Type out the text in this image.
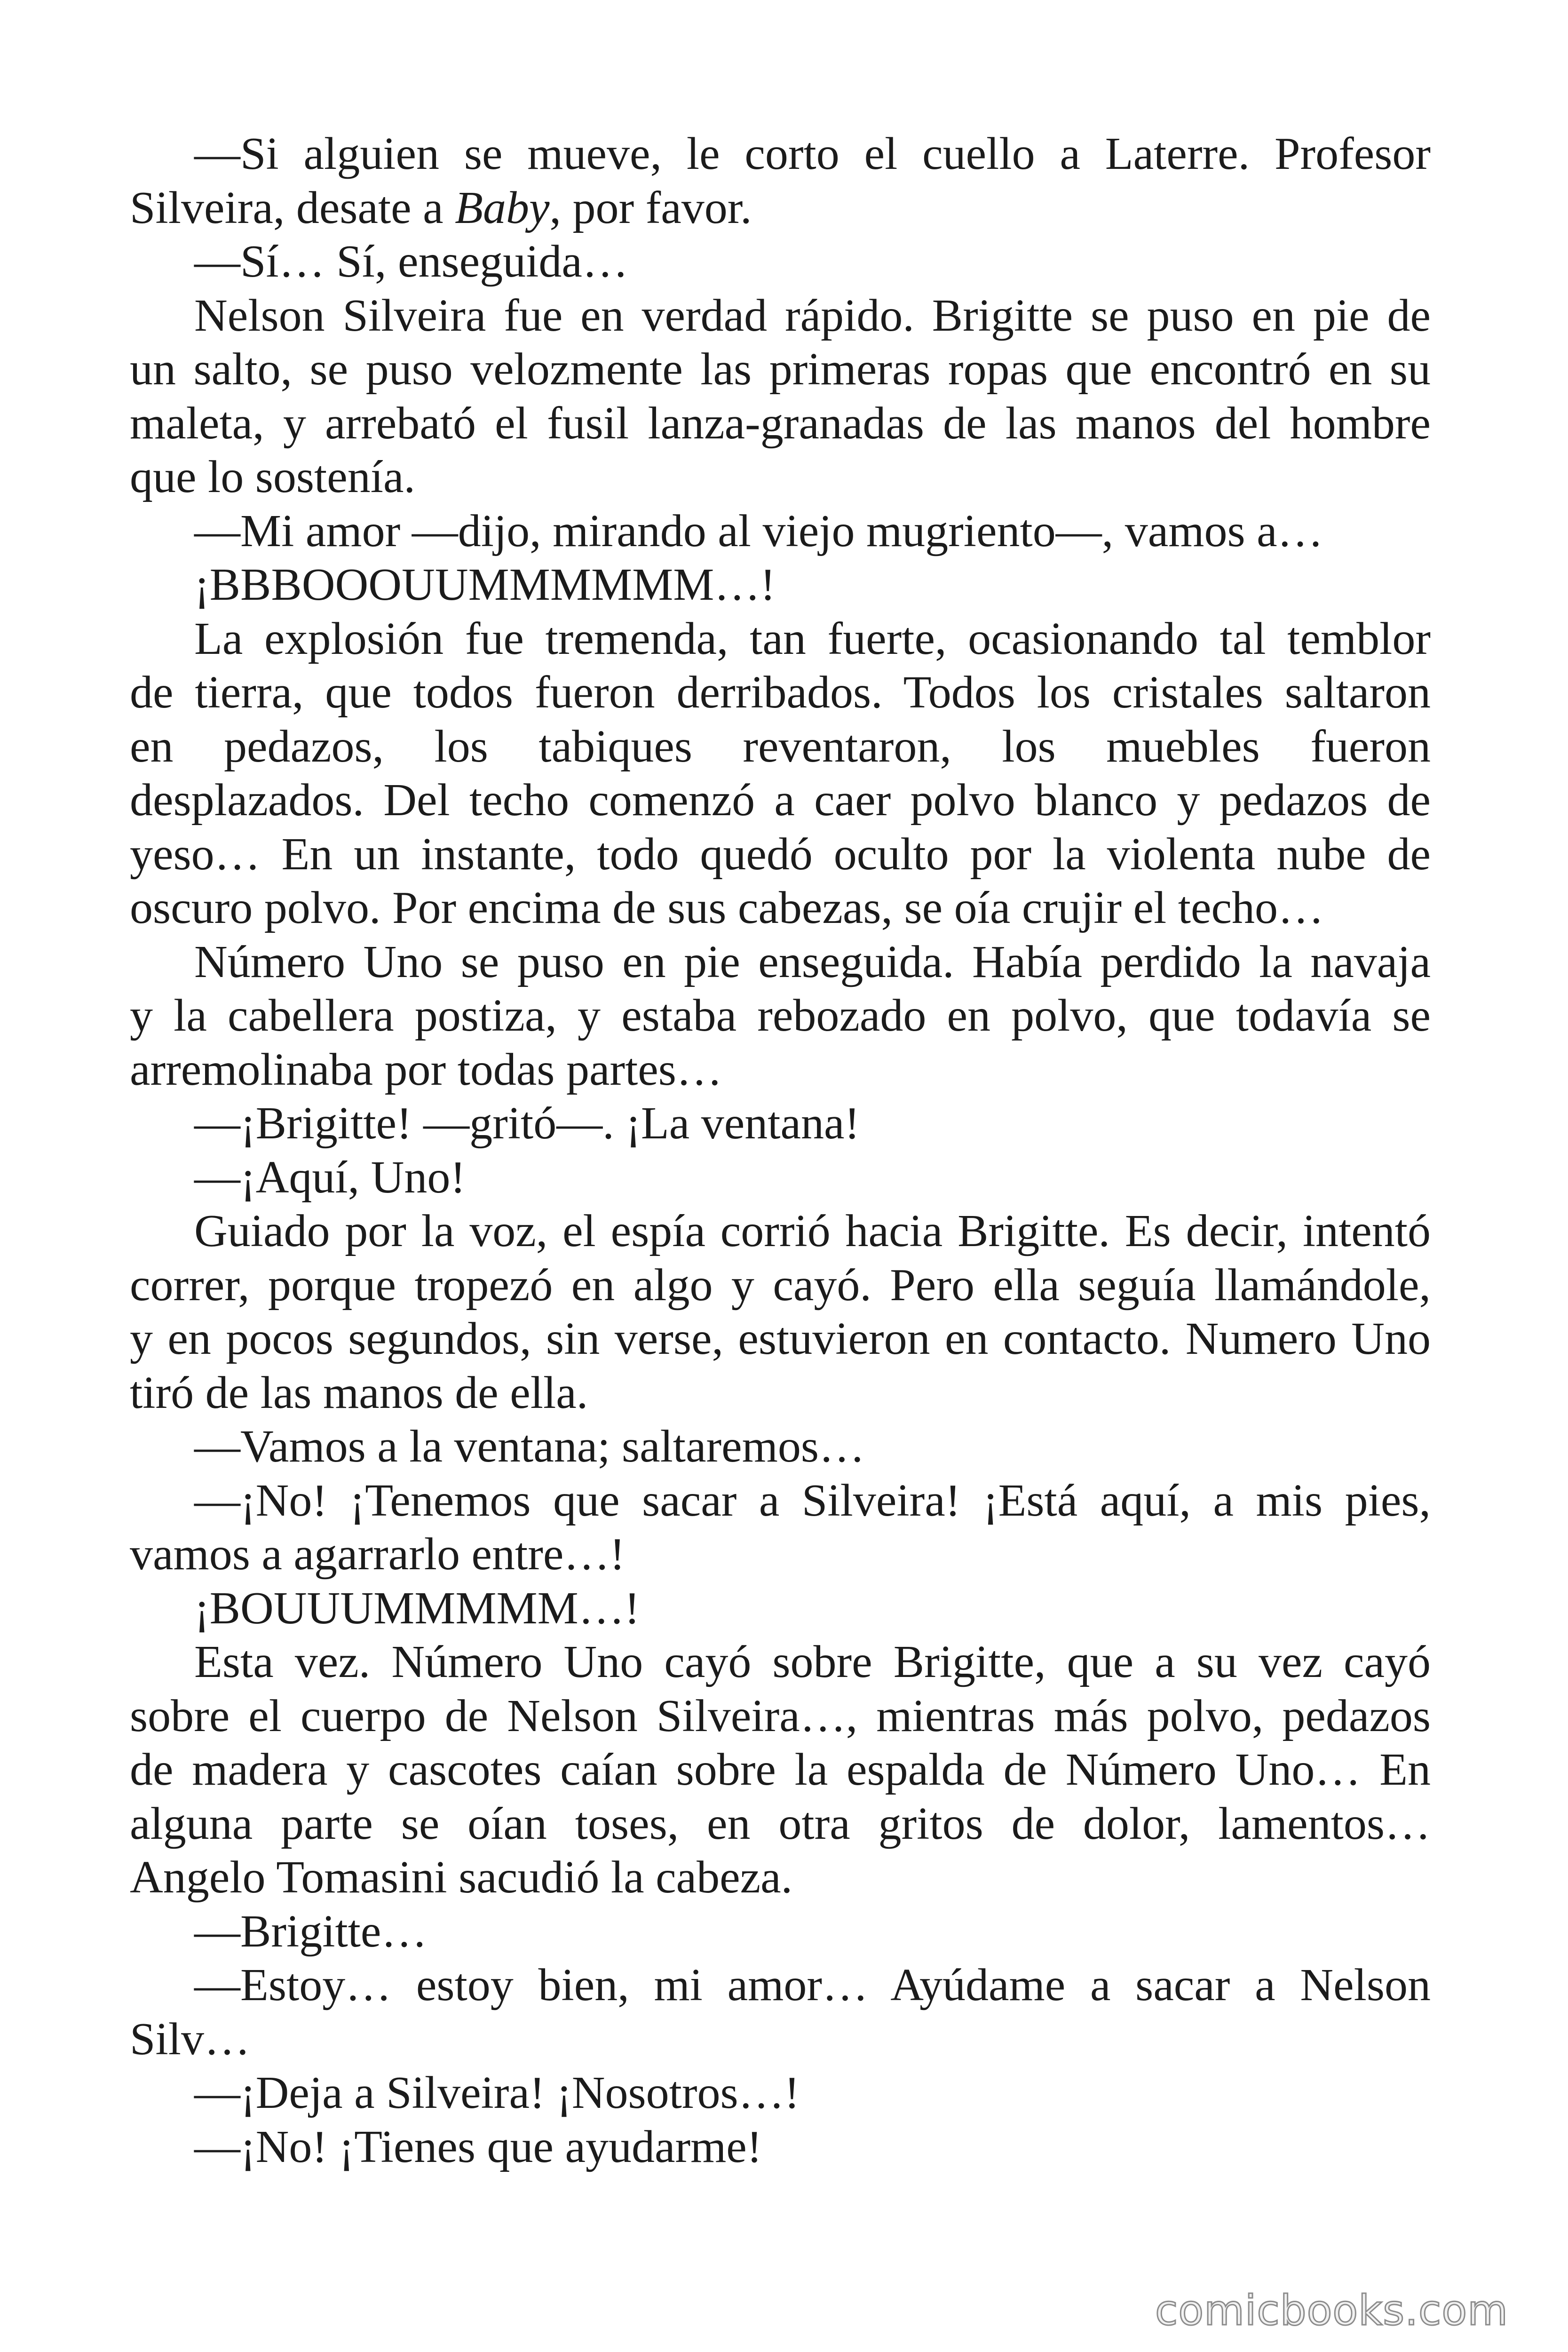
—Si alguien se mueve, le corto el cuello a Laterre. Profesor
Silveira, desate a Baby, por favor.

—Sí… Sí, enseguida…

Nelson Silveira fue en verdad rápido. Brigitte se puso en pie de
un salto, se puso velozmente las primeras ropas que encontró en su
maleta, y arrebató el fusil lanza-granadas de las manos del hombre
que lo sostenía.

—Mi amor —dijo, mirando al viejo mugriento—, vamos a…

¡BBBOOOUUMMMMMM…!

La explosión fue tremenda, tan fuerte, ocasionando tal temblor
de tierra, que todos fueron derribados. Todos los cristales saltaron
en pedazos, los tabiques reventaron, los muebles fueron
desplazados. Del techo comenzó a caer polvo blanco y pedazos de
yeso… En un instante, todo quedó oculto por la violenta nube de
oscuro polvo. Por encima de sus cabezas, se oía crujir el techo…

Número Uno se puso en pie enseguida. Había perdido la navaja
y la cabellera postiza, y estaba rebozado en polvo, que todavía se
arremolinaba por todas partes…

—¡Brigitte! —gritó—. ¡La ventana!

—¡Aquí, Uno!

Guiado por la voz, el espía corrió hacia Brigitte. Es decir, intentó
correr, porque tropezó en algo y cayó. Pero ella seguía llamándole,
y en pocos segundos, sin verse, estuvieron en contacto. Numero Uno
tiró de las manos de ella.

—Vamos a la ventana; saltaremos…

—¡No! ¡Tenemos que sacar a Silveira! ¡Está aquí, a mis pies,
vamos a agarrarlo entre…!

¡BOUUUMMMMM…!

Esta vez. Número Uno cayó sobre Brigitte, que a su vez cayó
sobre el cuerpo de Nelson Silveira…, mientras más polvo, pedazos
de madera y cascotes caían sobre la espalda de Número Uno… En
alguna parte se oían toses, en otra gritos de dolor, lamentos…
Angelo Tomasini sacudió la cabeza.

—Brigitte…

—Estoy… estoy bien, mi amor… Ayúdame a sacar a Nelson
Silv…

—¡Deja a Silveira! ¡Nosotros…!

—¡No! ¡Tienes que ayudarme!

comicbooks.com
